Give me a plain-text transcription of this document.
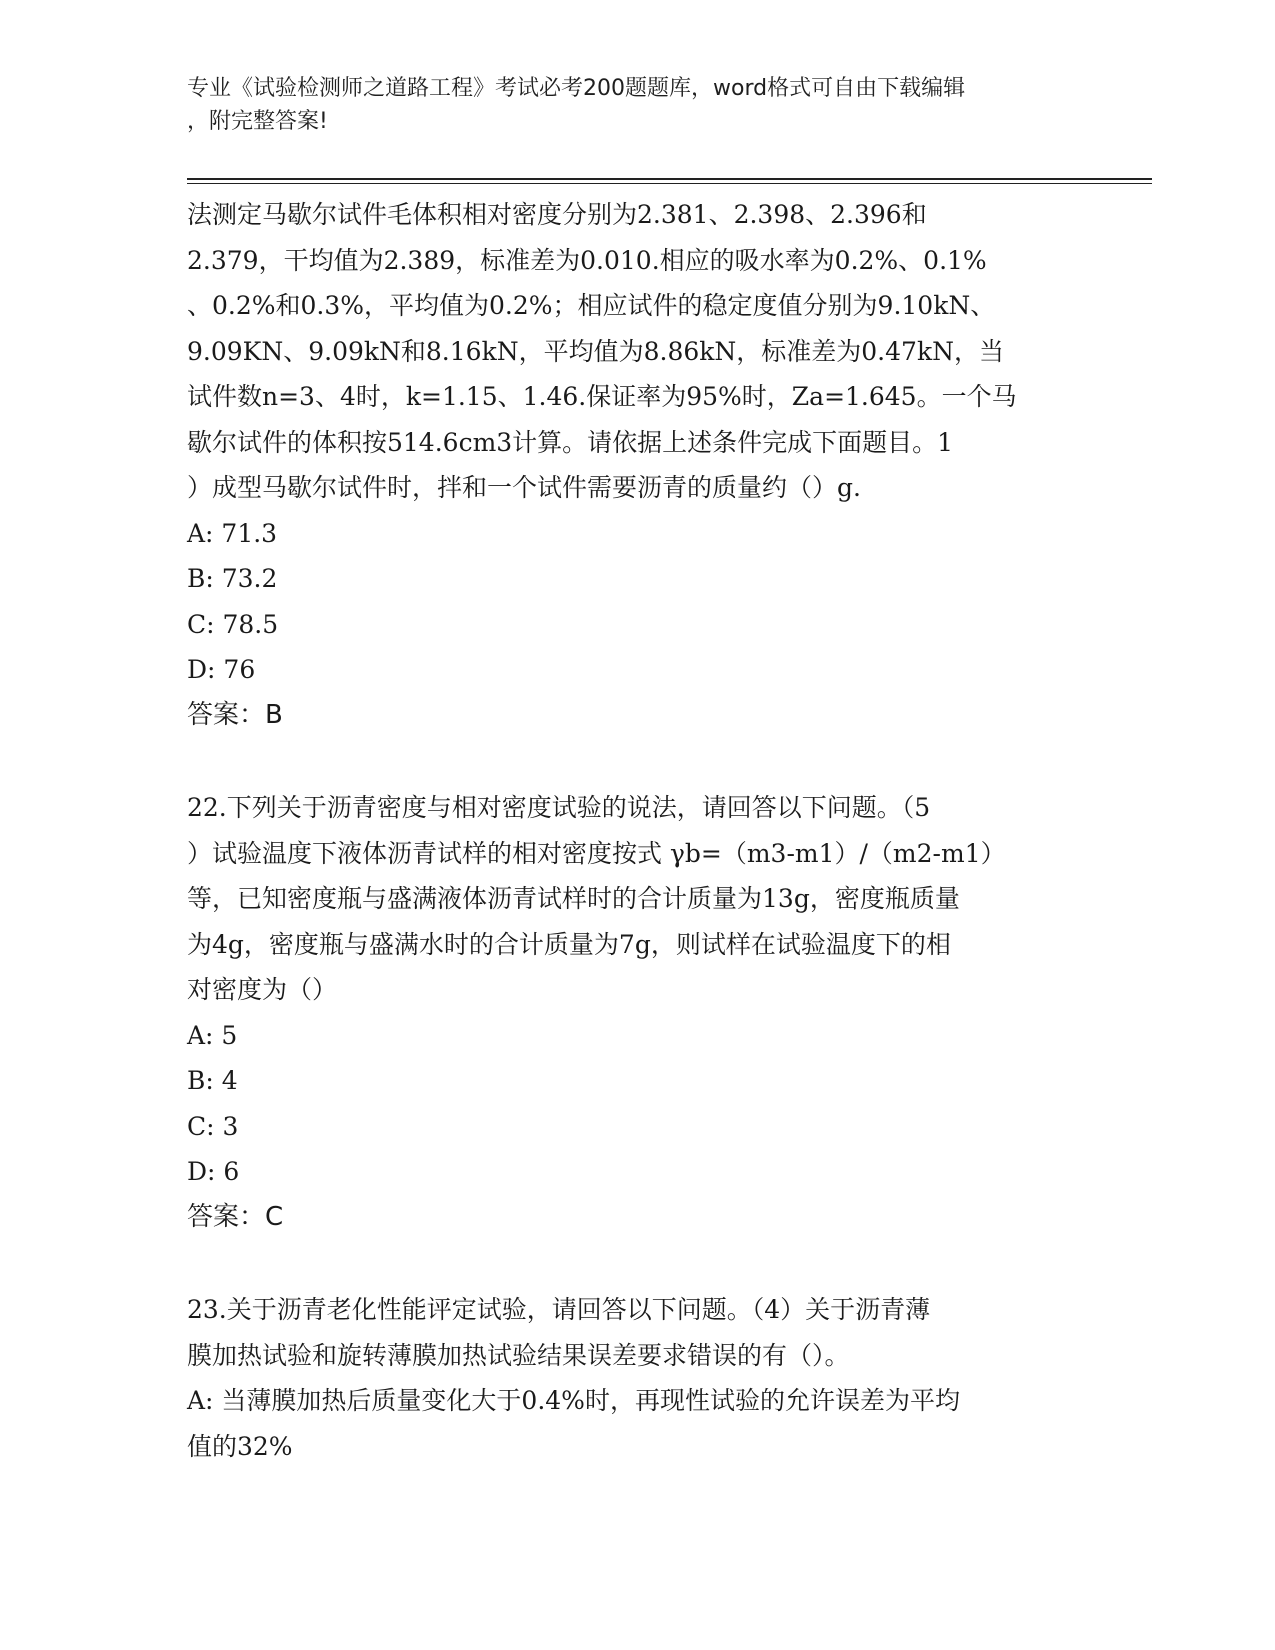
专业《试验检测师之道路工程》考试必考200题题库，word格式可自由下载编辑
，附完整答案!

法测定马歇尔试件毛体积相对密度分别为2.381、2.398、2.396和

2.379，干均值为2.389，标准差为0.010.相应的吸水率为0.2%、0.1%

、0.2%和0.3%，平均值为0.2%；相应试件的稳定度值分别为9.10kN、

9.09KN、9.09kN和8.16kN，平均值为8.86kN，标准差为0.47kN，当

试件数n=3、4时，k=1.15、1.46.保证率为95%时，Za=1.645。一个马

歇尔试件的体积按514.6cm3计算。请依据上述条件完成下面题目。1

）成型马歇尔试件时，拌和一个试件需要沥青的质量约（）g.

A: 71.3

B: 73.2

C: 78.5

D: 76

答案：B

22.下列关于沥青密度与相对密度试验的说法，请回答以下问题。（5

）试验温度下液体沥青试样的相对密度按式 γb=（m3-m1）/（m2-m1）

等，已知密度瓶与盛满液体沥青试样时的合计质量为13g，密度瓶质量

为4g，密度瓶与盛满水时的合计质量为7g，则试样在试验温度下的相

对密度为（）

A: 5

B: 4

C: 3

D: 6

答案：C

23.关于沥青老化性能评定试验，请回答以下问题。（4）关于沥青薄

膜加热试验和旋转薄膜加热试验结果误差要求错误的有（）。

A: 当薄膜加热后质量变化大于0.4%时，再现性试验的允许误差为平均

值的32%
